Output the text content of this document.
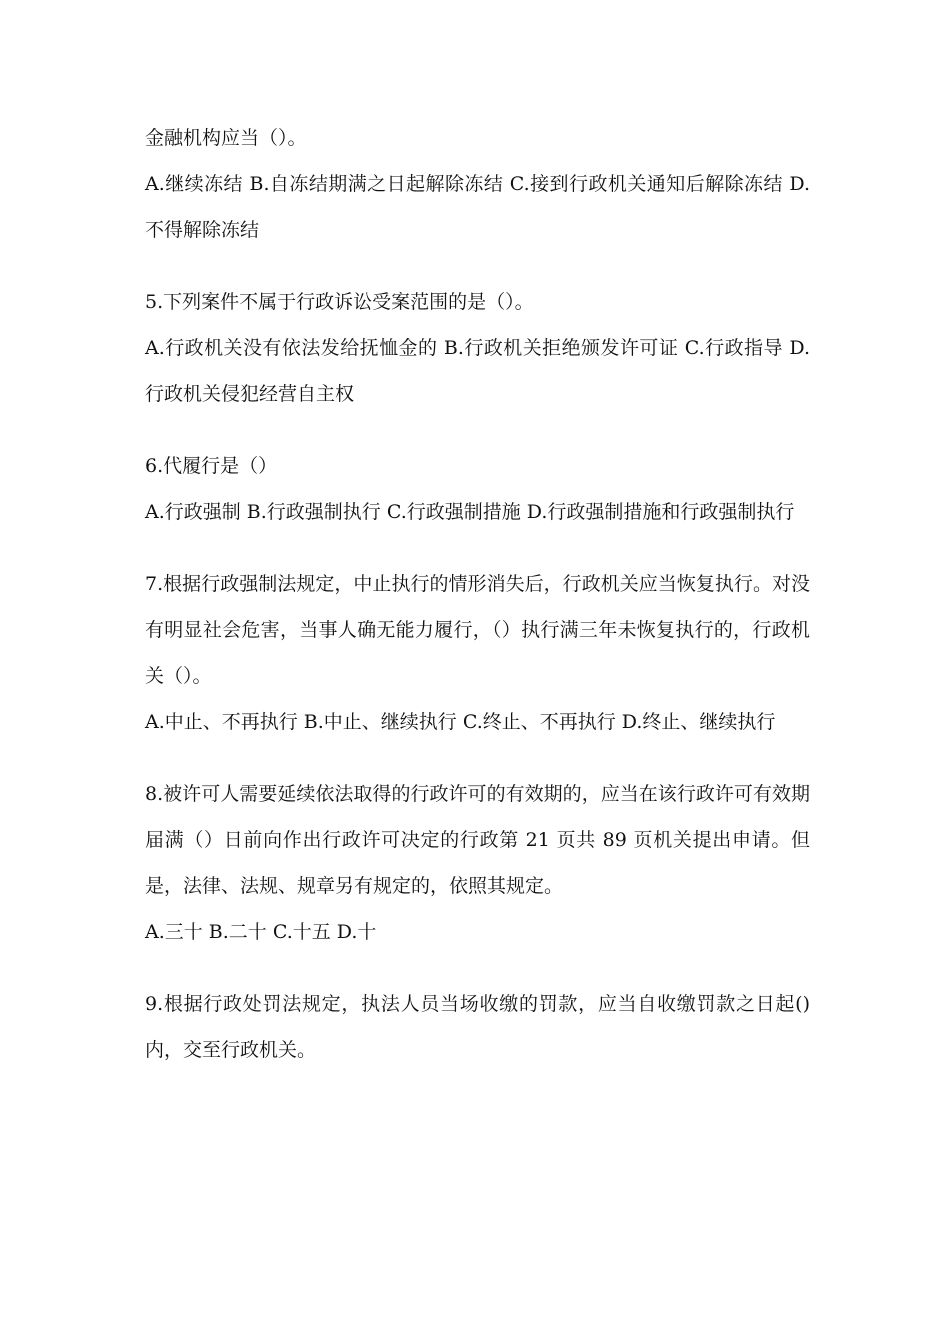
金融机构应当（）。

A.继续冻结 B.自冻结期满之日起解除冻结 C.接到行政机关通知后解除冻结 D.不得解除冻结

5.下列案件不属于行政诉讼受案范围的是（）。

A.行政机关没有依法发给抚恤金的 B.行政机关拒绝颁发许可证 C.行政指导 D.行政机关侵犯经营自主权

6.代履行是（）

A.行政强制 B.行政强制执行 C.行政强制措施 D.行政强制措施和行政强制执行

7.根据行政强制法规定，中止执行的情形消失后，行政机关应当恢复执行。对没有明显社会危害，当事人确无能力履行，（）执行满三年未恢复执行的，行政机关（）。

A.中止、不再执行 B.中止、继续执行 C.终止、不再执行 D.终止、继续执行

8.被许可人需要延续依法取得的行政许可的有效期的，应当在该行政许可有效期届满（）日前向作出行政许可决定的行政第 21 页共 89 页机关提出申请。但是，法律、法规、规章另有规定的，依照其规定。

A.三十 B.二十 C.十五 D.十

9.根据行政处罚法规定，执法人员当场收缴的罚款，应当自收缴罚款之日起()内，交至行政机关。
